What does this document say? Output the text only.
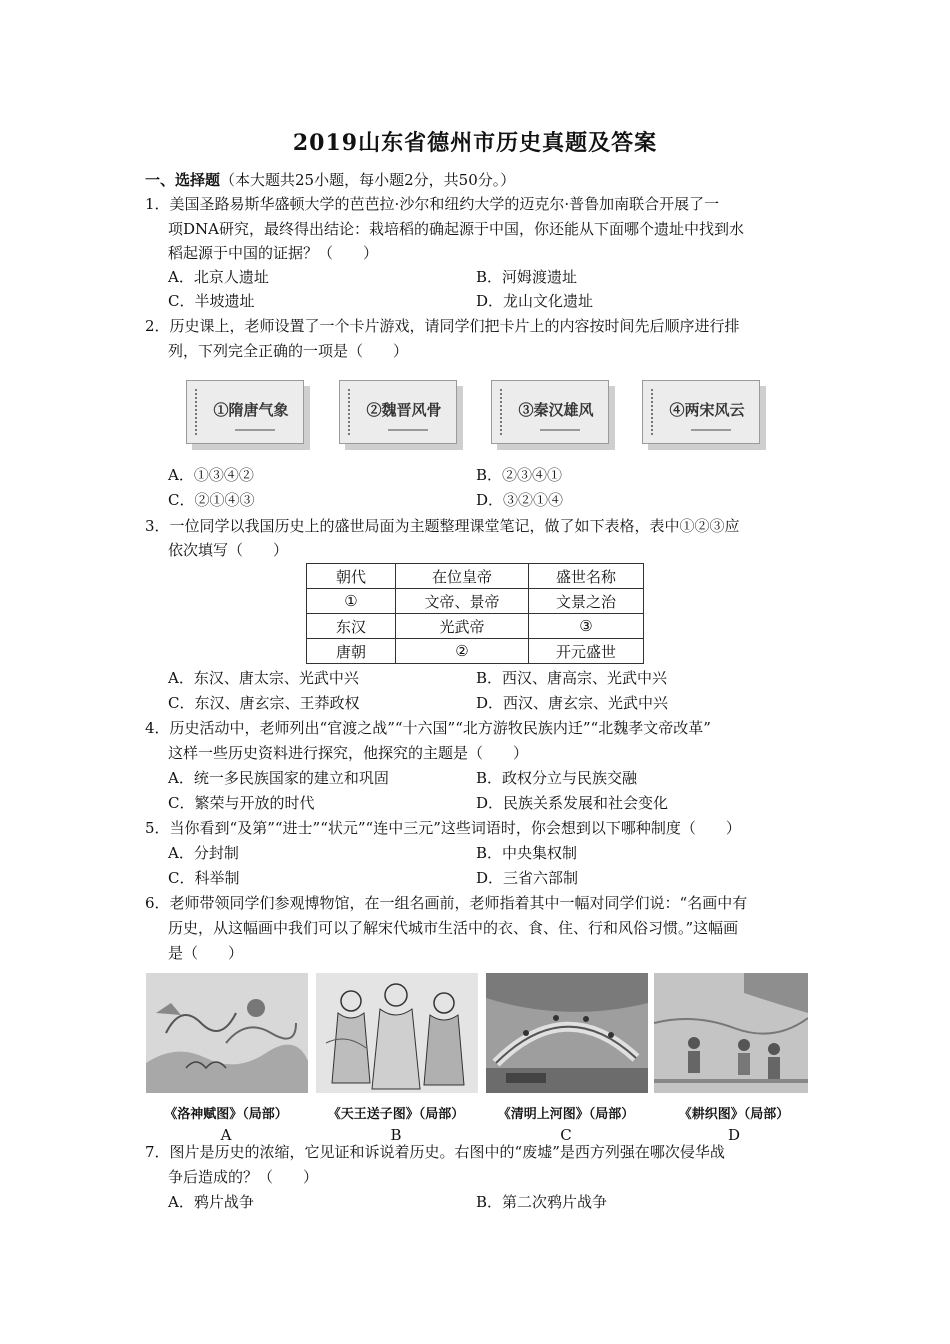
2019山东省德州市历史真题及答案
一、选择题（本大题共25小题，每小题2分，共50分。）
1．美国圣路易斯华盛顿大学的芭芭拉·沙尔和纽约大学的迈克尔·普鲁加南联合开展了一
项DNA研究，最终得出结论：栽培稻的确起源于中国，你还能从下面哪个遗址中找到水
稻起源于中国的证据？（　　）
A．北京人遗址	B．河姆渡遗址
C．半坡遗址	D．龙山文化遗址
2．历史课上，老师设置了一个卡片游戏，请同学们把卡片上的内容按时间先后顺序进行排
列，下列完全正确的一项是（　　）
①隋唐气象	②魏晋风骨	③秦汉雄风	④两宋风云
A．①③④②	B．②③④①
C．②①④③	D．③②①④
3．一位同学以我国历史上的盛世局面为主题整理课堂笔记，做了如下表格，表中①②③应
依次填写（　　）
朝代	在位皇帝	盛世名称
①	文帝、景帝	文景之治
东汉	光武帝	③
唐朝	②	开元盛世
A．东汉、唐太宗、光武中兴	B．西汉、唐高宗、光武中兴
C．东汉、唐玄宗、王莽政权	D．西汉、唐玄宗、光武中兴
4．历史活动中，老师列出“官渡之战”“十六国”“北方游牧民族内迁”“北魏孝文帝改革”
这样一些历史资料进行探究，他探究的主题是（　　）
A．统一多民族国家的建立和巩固	B．政权分立与民族交融
C．繁荣与开放的时代	D．民族关系发展和社会变化
5．当你看到“及第”“进士”“状元”“连中三元”这些词语时，你会想到以下哪种制度（　　）
A．分封制	B．中央集权制
C．科举制	D．三省六部制
6．老师带领同学们参观博物馆，在一组名画前，老师指着其中一幅对同学们说：“名画中有
历史，从这幅画中我们可以了解宋代城市生活中的衣、食、住、行和风俗习惯。”这幅画
是（　　）
《洛神赋图》（局部）
A
《天王送子图》（局部）
B
《清明上河图》（局部）
C
《耕织图》（局部）
D
7．图片是历史的浓缩，它见证和诉说着历史。右图中的“废墟”是西方列强在哪次侵华战
争后造成的？（　　）
A．鸦片战争	B．第二次鸦片战争
